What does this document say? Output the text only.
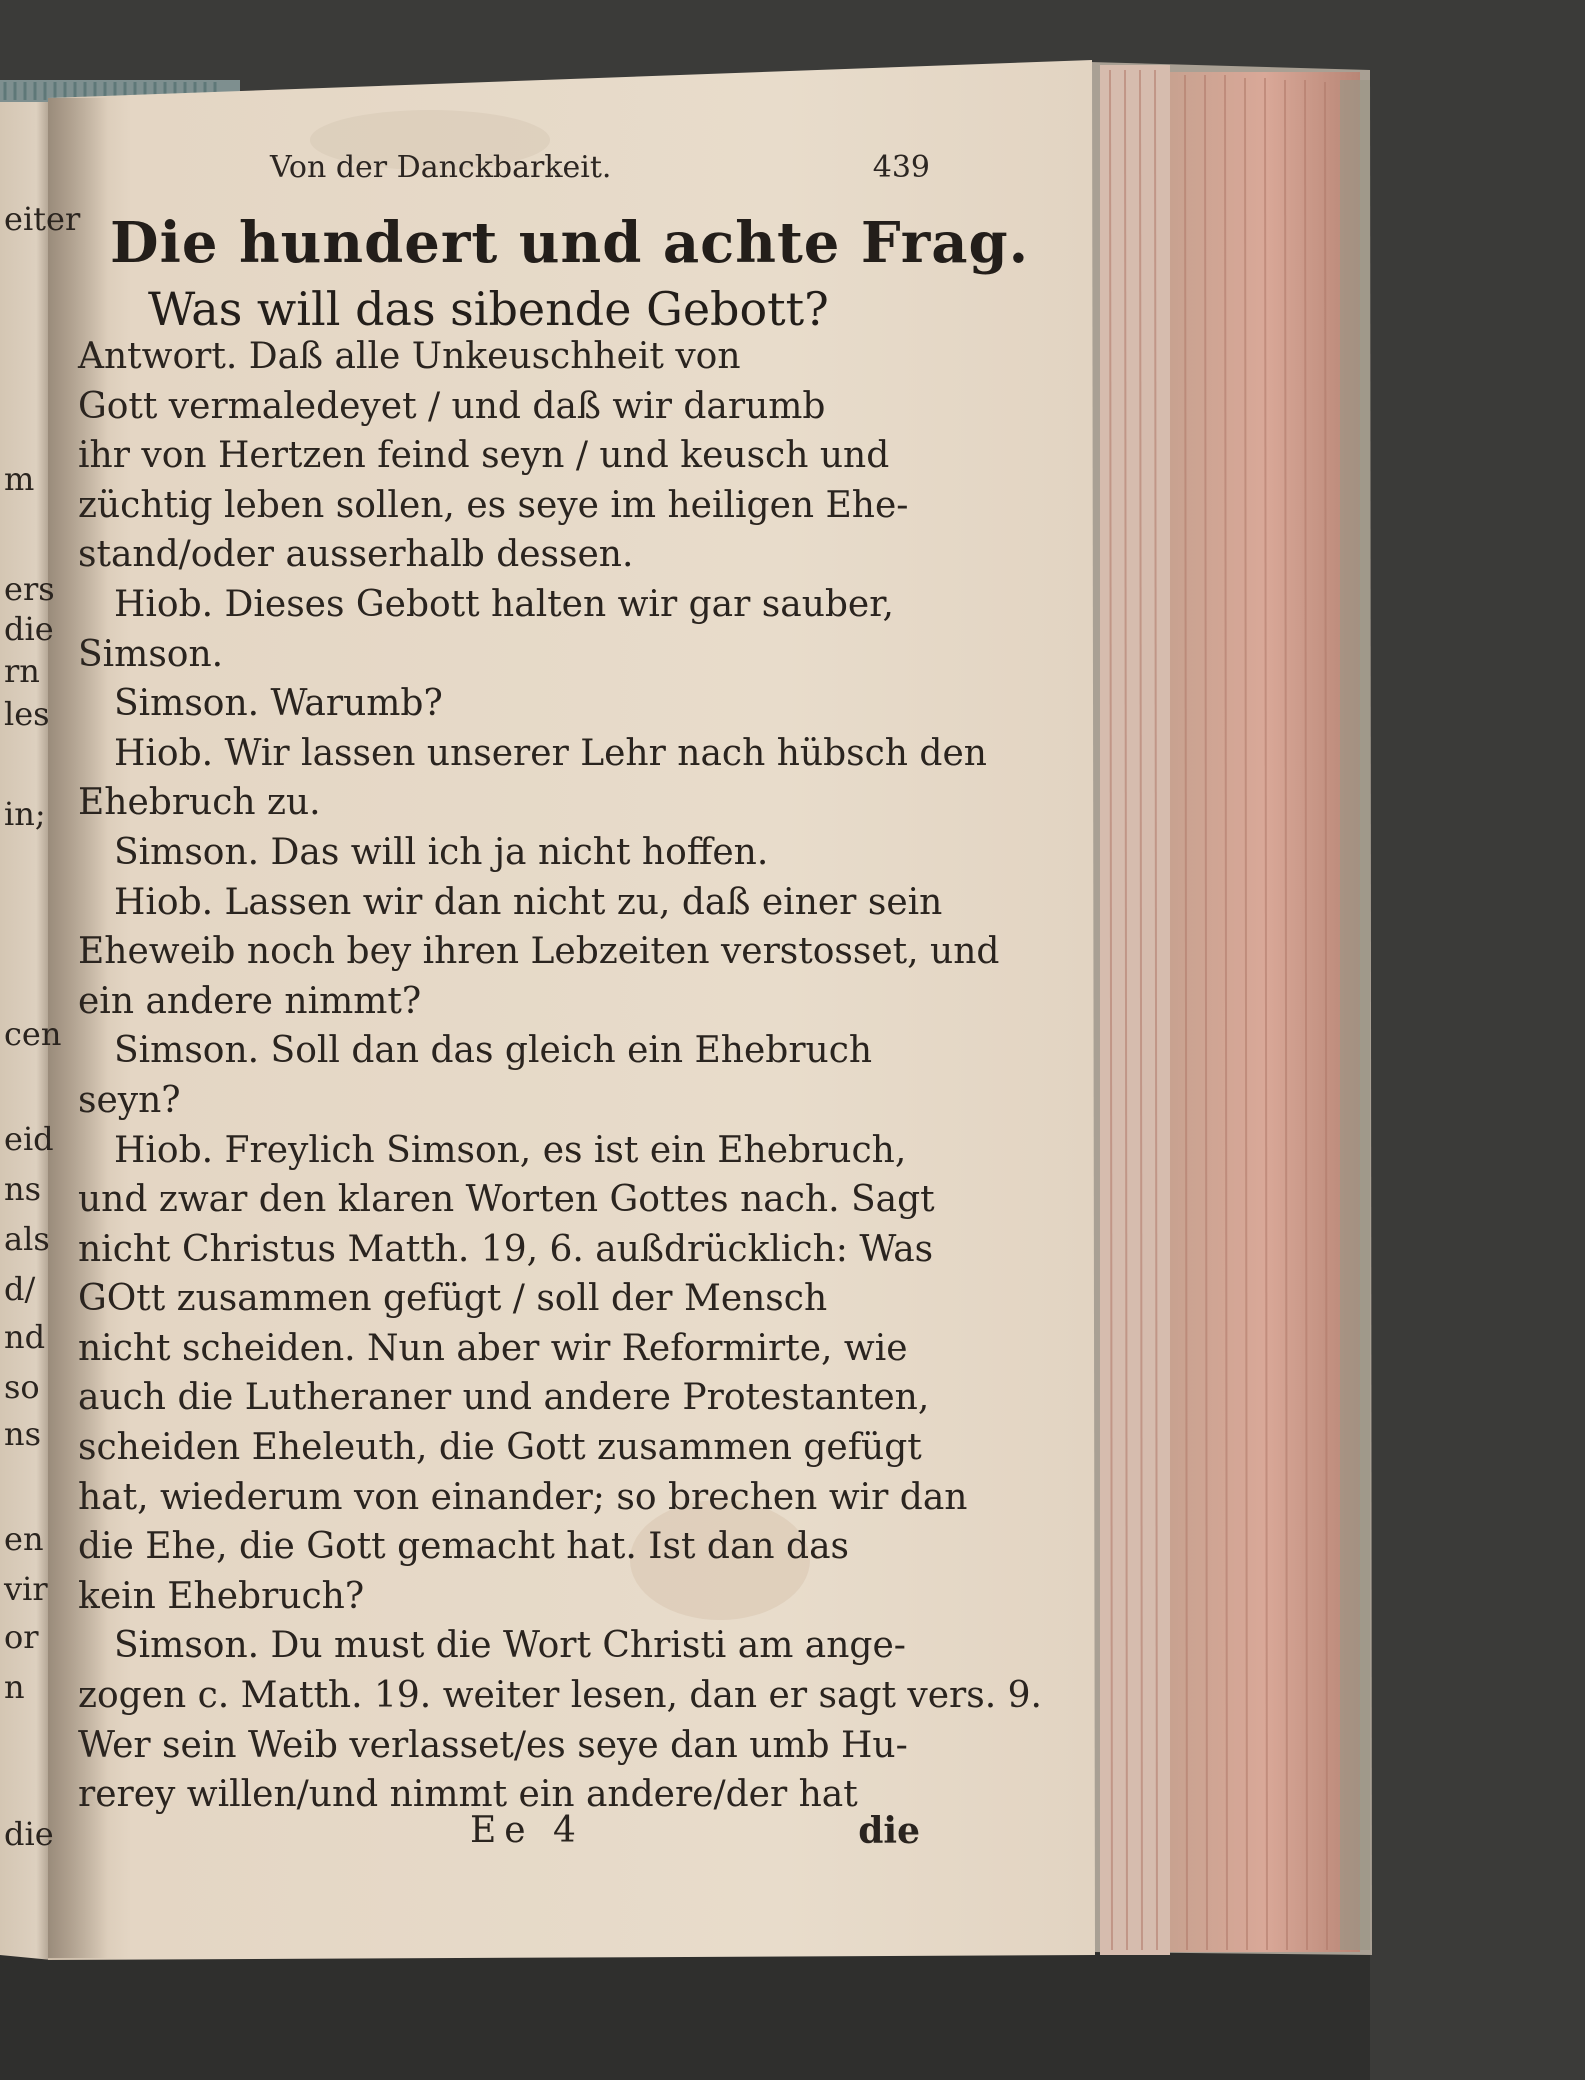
eiter
m
ers
die
rn
les
in;
cen
eid
ns
als
d/
nd
so
ns
en
vir
or
n
die
Von der Danckbarkeit.	439
Die hundert und achte Frag.
Was will das sibende Gebott?
Antwort. Daß alle Unkeuschheit von
Gott vermaledeyet / und daß wir darumb
ihr von Hertzen feind seyn / und keusch und
züchtig leben sollen, es seye im heiligen Ehe-
stand/oder ausserhalb dessen.
Hiob. Dieses Gebott halten wir gar sauber,
Simson.
Simson. Warumb?
Hiob. Wir lassen unserer Lehr nach hübsch den
Ehebruch zu.
Simson. Das will ich ja nicht hoffen.
Hiob. Lassen wir dan nicht zu, daß einer sein
Eheweib noch bey ihren Lebzeiten verstosset, und
ein andere nimmt?
Simson. Soll dan das gleich ein Ehebruch
seyn?
Hiob. Freylich Simson, es ist ein Ehebruch,
und zwar den klaren Worten Gottes nach. Sagt
nicht Christus Matth. 19, 6. außdrücklich: Was
GOtt zusammen gefügt / soll der Mensch
nicht scheiden. Nun aber wir Reformirte, wie
auch die Lutheraner und andere Protestanten,
scheiden Eheleuth, die Gott zusammen gefügt
hat, wiederum von einander; so brechen wir dan
die Ehe, die Gott gemacht hat. Ist dan das
kein Ehebruch?
Simson. Du must die Wort Christi am ange-
zogen c. Matth. 19. weiter lesen, dan er sagt vers. 9.
Wer sein Weib verlasset/es seye dan umb Hu-
rerey willen/und nimmt ein andere/der hat
Ee 4	die
